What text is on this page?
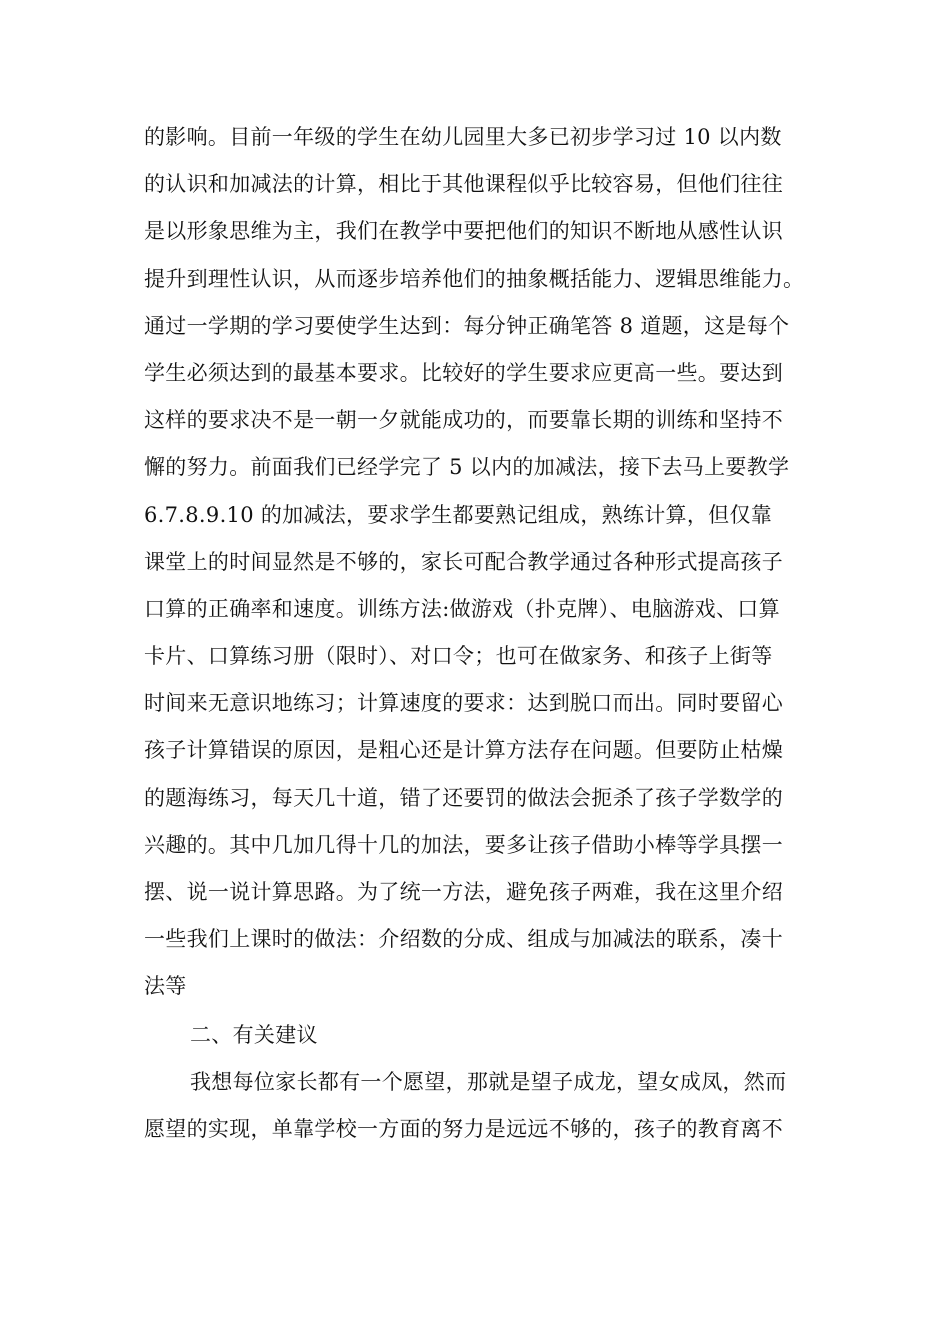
的影响。目前一年级的学生在幼儿园里大多已初步学习过 10 以内数
的认识和加减法的计算，相比于其他课程似乎比较容易，但他们往往
是以形象思维为主，我们在教学中要把他们的知识不断地从感性认识
提升到理性认识，从而逐步培养他们的抽象概括能力、逻辑思维能力。
通过一学期的学习要使学生达到：每分钟正确笔答 8 道题，这是每个
学生必须达到的最基本要求。比较好的学生要求应更高一些。要达到
这样的要求决不是一朝一夕就能成功的，而要靠长期的训练和坚持不
懈的努力。前面我们已经学完了 5 以内的加减法，接下去马上要教学
6.7.8.9.10 的加减法，要求学生都要熟记组成，熟练计算，但仅靠
课堂上的时间显然是不够的，家长可配合教学通过各种形式提高孩子
口算的正确率和速度。训练方法:做游戏（扑克牌）、电脑游戏、口算
卡片、口算练习册（限时）、对口令；也可在做家务、和孩子上街等
时间来无意识地练习；计算速度的要求：达到脱口而出。同时要留心
孩子计算错误的原因，是粗心还是计算方法存在问题。但要防止枯燥
的题海练习，每天几十道，错了还要罚的做法会扼杀了孩子学数学的
兴趣的。其中几加几得十几的加法，要多让孩子借助小棒等学具摆一
摆、说一说计算思路。为了统一方法，避免孩子两难，我在这里介绍
一些我们上课时的做法：介绍数的分成、组成与加减法的联系，凑十
法等
二、有关建议
我想每位家长都有一个愿望，那就是望子成龙，望女成凤，然而
愿望的实现，单靠学校一方面的努力是远远不够的，孩子的教育离不
